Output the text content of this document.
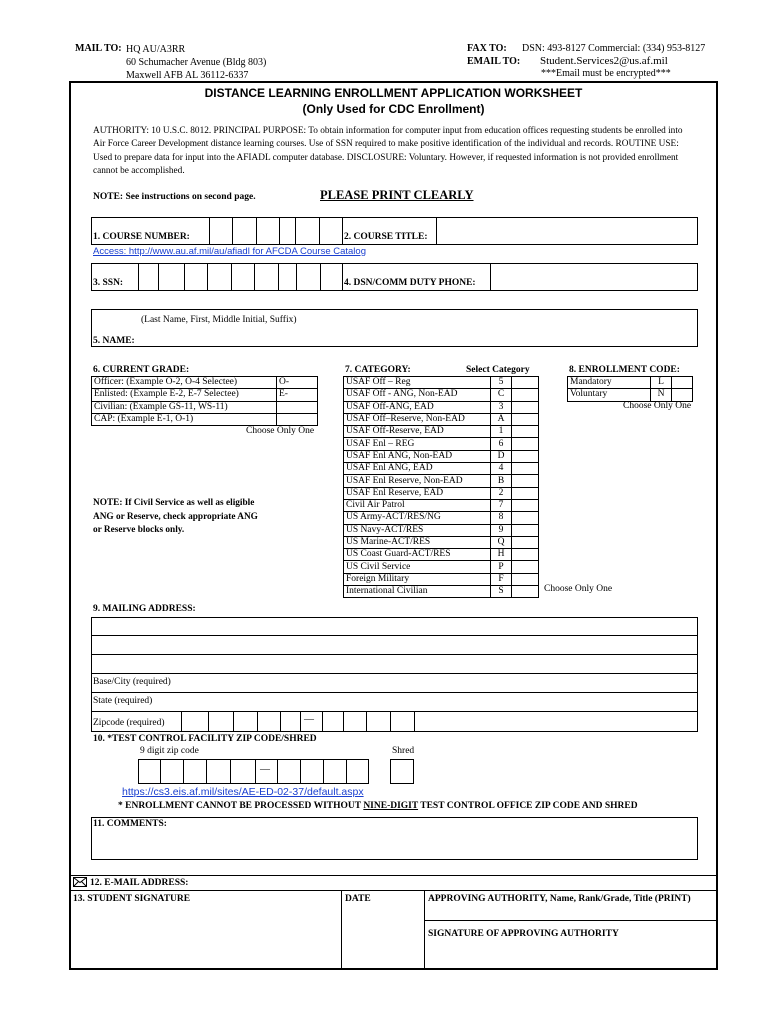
MAIL TO: HQ AU/A3RR
60 Schumacher Avenue (Bldg 803)
Maxwell AFB AL 36112-6337
FAX TO: DSN: 493-8127 Commercial: (334) 953-8127
EMAIL TO: Student.Services2@us.af.mil
***Email must be encrypted***
DISTANCE LEARNING ENROLLMENT APPLICATION WORKSHEET
(Only Used for CDC Enrollment)
AUTHORITY: 10 U.S.C. 8012. PRINCIPAL PURPOSE: To obtain information for computer input from education offices requesting students be enrolled into Air Force Career Development distance learning courses. Use of SSN required to make positive identification of the individual and records. ROUTINE USE: Used to prepare data for input into the AFIADL computer database. DISCLOSURE: Voluntary. However, if requested information is not provided enrollment cannot be accomplished.
NOTE: See instructions on second page.	PLEASE PRINT CLEARLY
1. COURSE NUMBER:	2. COURSE TITLE:
Access: http://www.au.af.mil/au/afiadl for AFCDA Course Catalog
3. SSN:	4. DSN/COMM DUTY PHONE:
(Last Name, First, Middle Initial, Suffix)
5. NAME:
6. CURRENT GRADE:
Officer: (Example O-2, O-4 Selectee)	O-
Enlisted: (Example E-2, E-7 Selectee)	E-
Civilian: (Example GS-11, WS-11)	
CAP: (Example E-1, O-1)	
Choose Only One
NOTE: If Civil Service as well as eligible
ANG or Reserve, check appropriate ANG
or Reserve blocks only.
7. CATEGORY:	Select Category
USAF Off – Reg	5	
USAF Off - ANG, Non-EAD	C	
USAF Off-ANG, EAD	3	
USAF Off–Reserve, Non-EAD	A	
USAF Off-Reserve, EAD	1	
USAF Enl – REG	6	
USAF Enl ANG, Non-EAD	D	
USAF Enl ANG, EAD	4	
USAF Enl Reserve, Non-EAD	B	
USAF Enl Reserve, EAD	2	
Civil Air Patrol	7	
US Army-ACT/RES/NG	8	
US Navy-ACT/RES	9	
US Marine-ACT/RES	Q	
US Coast Guard-ACT/RES	H	
US Civil Service	P	
Foreign Military	F	
International Civilian	S		Choose Only One
8. ENROLLMENT CODE:
Mandatory	L	
Voluntary	N	
Choose Only One
9. MAILING ADDRESS:
Base/City (required)
State (required)
Zipcode (required)	—
10. *TEST CONTROL FACILITY ZIP CODE/SHRED
9 digit zip code	Shred
—
https://cs3.eis.af.mil/sites/AE-ED-02-37/default.aspx
* ENROLLMENT CANNOT BE PROCESSED WITHOUT NINE-DIGIT TEST CONTROL OFFICE ZIP CODE AND SHRED
11. COMMENTS:
12. E-MAIL ADDRESS:
13. STUDENT SIGNATURE	DATE	APPROVING AUTHORITY, Name, Rank/Grade, Title (PRINT)
SIGNATURE OF APPROVING AUTHORITY
